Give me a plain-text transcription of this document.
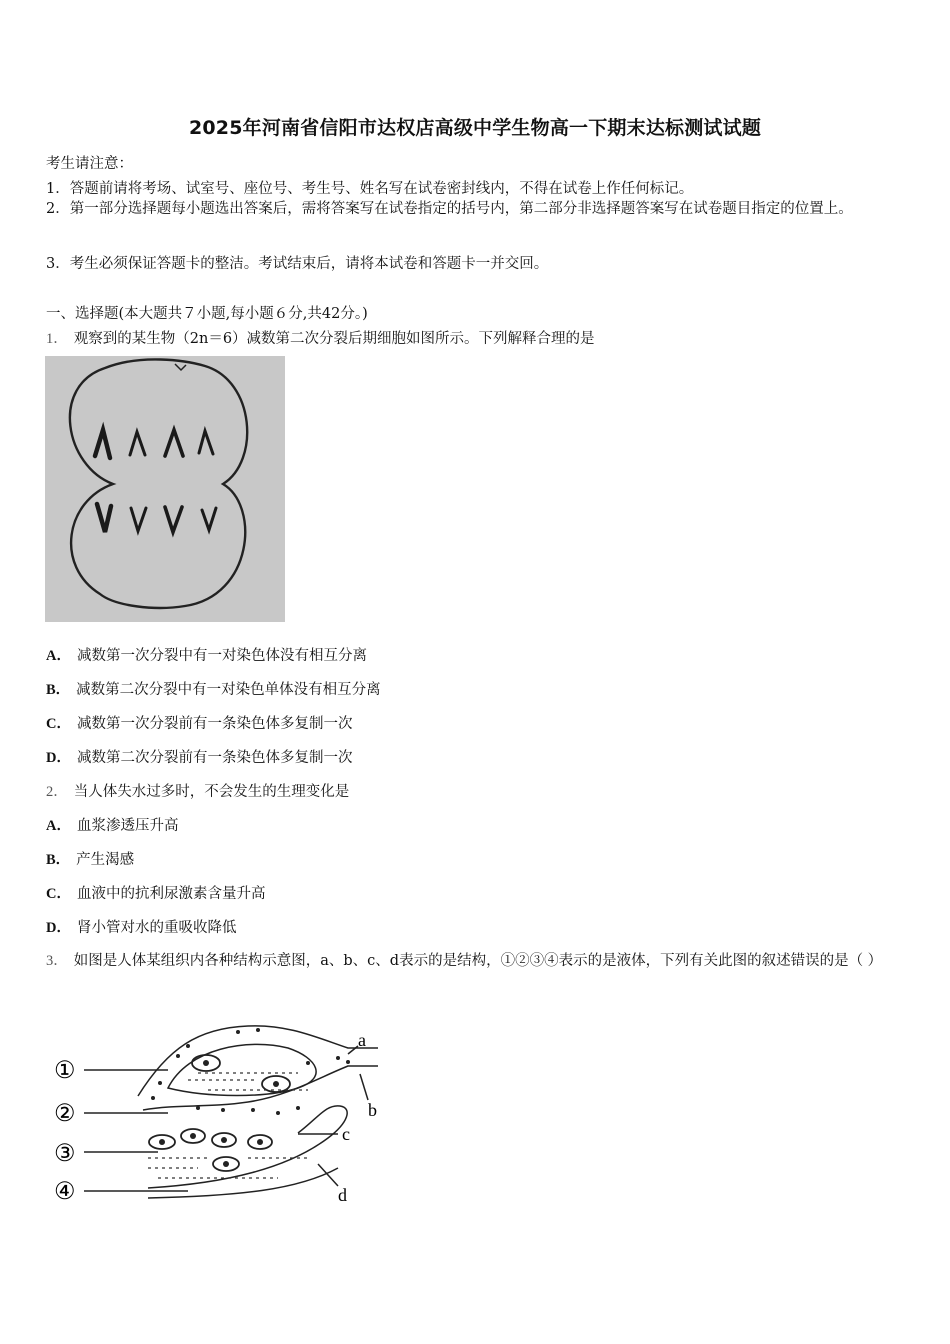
2025年河南省信阳市达权店高级中学生物高一下期末达标测试试题
考生请注意：
1．答题前请将考场、试室号、座位号、考生号、姓名写在试卷密封线内，不得在试卷上作任何标记。
2．第一部分选择题每小题选出答案后，需将答案写在试卷指定的括号内，第二部分非选择题答案写在试卷题目指定的位置上。
3．考生必须保证答题卡的整洁。考试结束后，请将本试卷和答题卡一并交回。
一、选择题(本大题共７小题,每小题６分,共42分。)
1． 观察到的某生物（2n＝6）减数第二次分裂后期细胞如图所示。下列解释合理的是
A． 减数第一次分裂中有一对染色体没有相互分离
B． 减数第二次分裂中有一对染色单体没有相互分离
C． 减数第一次分裂前有一条染色体多复制一次
D． 减数第二次分裂前有一条染色体多复制一次
2． 当人体失水过多时，不会发生的生理变化是
A． 血浆渗透压升高
B． 产生渴感
C． 血液中的抗利尿激素含量升高
D． 肾小管对水的重吸收降低
3． 如图是人体某组织内各种结构示意图，a、b、c、d表示的是结构，①②③④表示的是液体，下列有关此图的叙述错误的是（ ）
①
②
③
④
a
b
c
d
